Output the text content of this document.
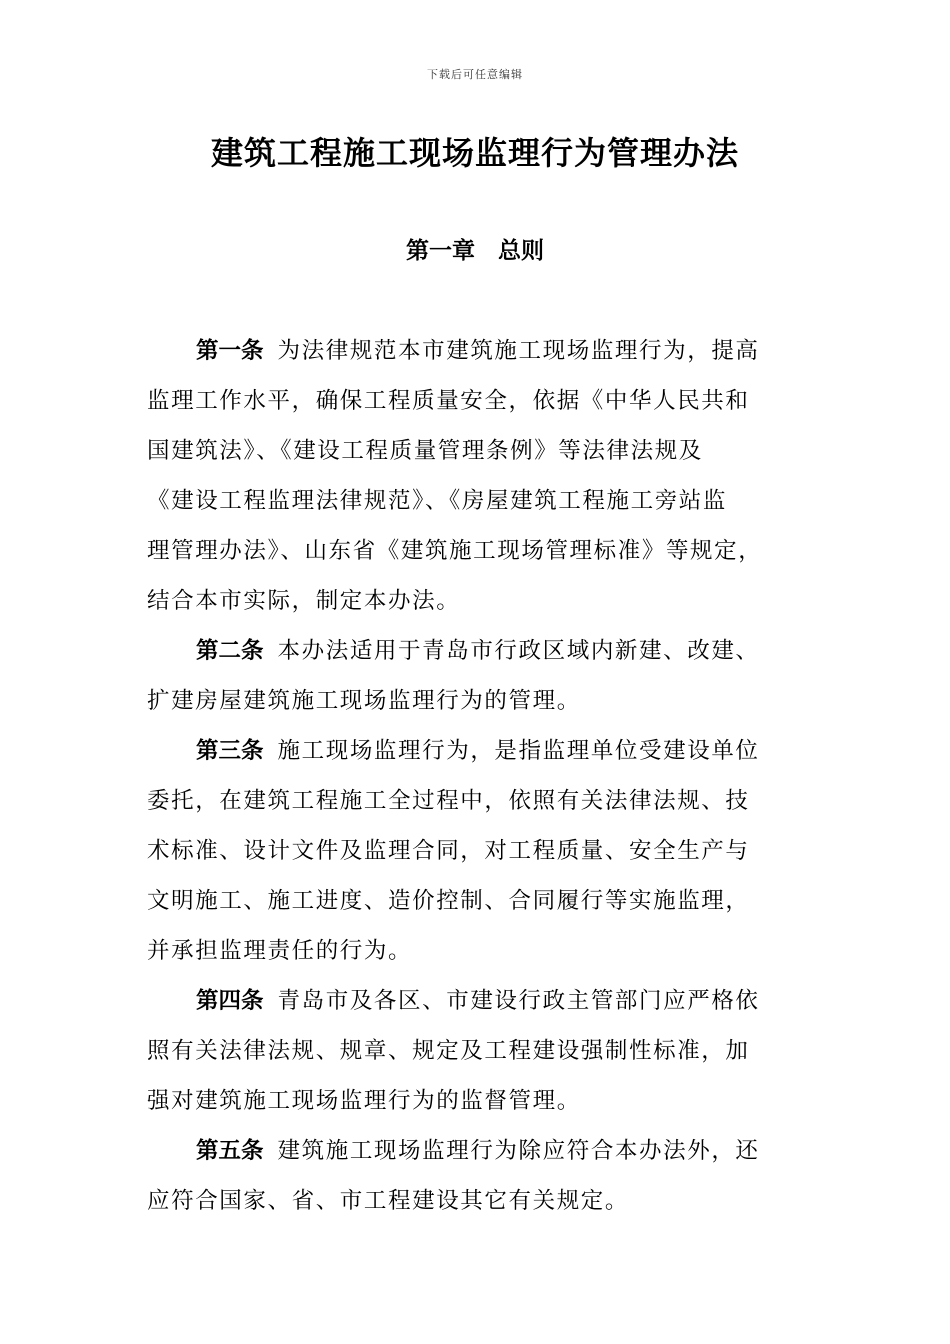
下载后可任意编辑
建筑工程施工现场监理行为管理办法
第一章　总则
第一条 为法律规范本市建筑施工现场监理行为，提高
监理工作水平，确保工程质量安全，依据《中华人民共和
国建筑法》、《建设工程质量管理条例》等法律法规及
《建设工程监理法律规范》、《房屋建筑工程施工旁站监
理管理办法》、山东省《建筑施工现场管理标准》等规定，
结合本市实际，制定本办法。
第二条 本办法适用于青岛市行政区域内新建、改建、
扩建房屋建筑施工现场监理行为的管理。
第三条 施工现场监理行为，是指监理单位受建设单位
委托，在建筑工程施工全过程中，依照有关法律法规、技
术标准、设计文件及监理合同，对工程质量、安全生产与
文明施工、施工进度、造价控制、合同履行等实施监理，
并承担监理责任的行为。
第四条 青岛市及各区、市建设行政主管部门应严格依
照有关法律法规、规章、规定及工程建设强制性标准，加
强对建筑施工现场监理行为的监督管理。
第五条 建筑施工现场监理行为除应符合本办法外，还
应符合国家、省、市工程建设其它有关规定。
